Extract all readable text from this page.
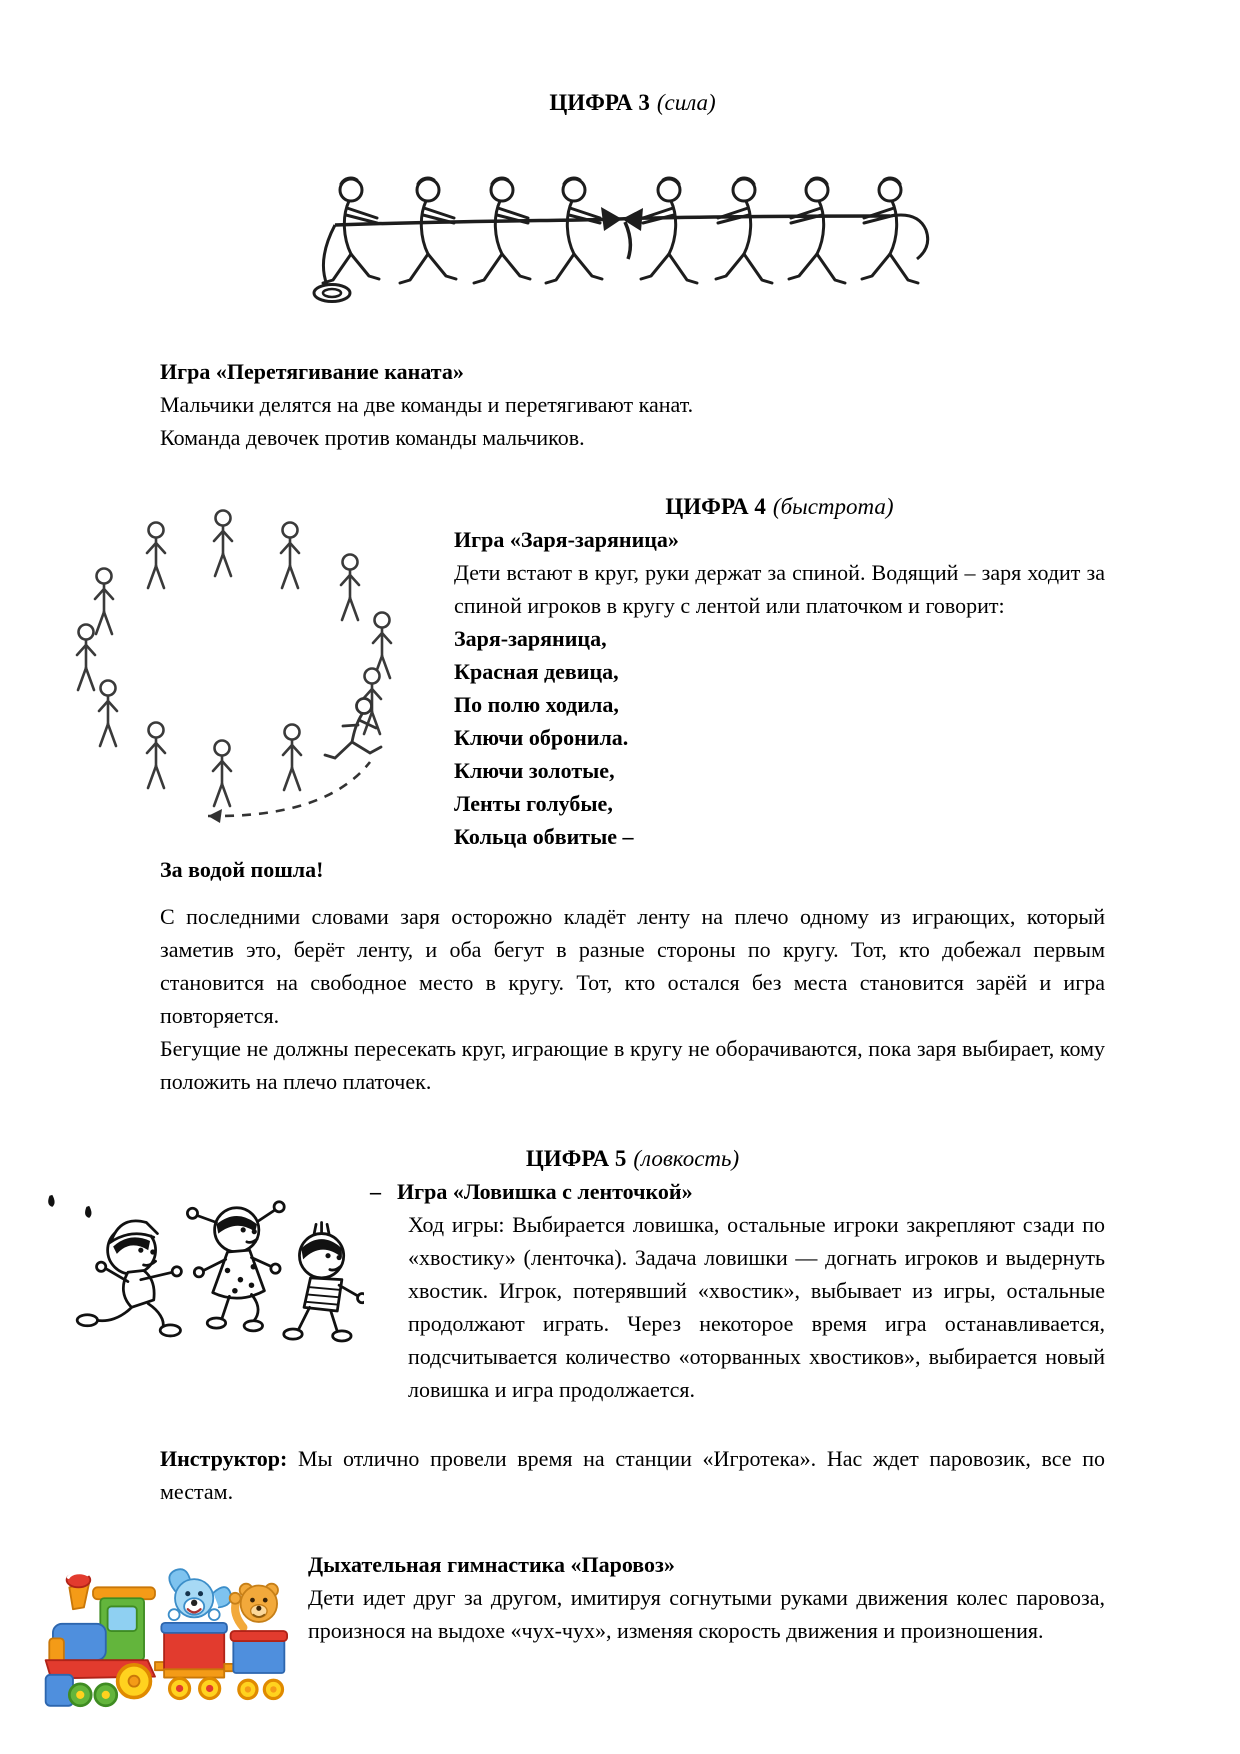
ЦИФРА 3 (сила)

Игра «Перетягивание каната»

Мальчики делятся на две команды и перетягивают канат.

Команда девочек против команды мальчиков.

ЦИФРА 4 (быстрота)

Игра «Заря-заряница»

Дети встают в круг, руки держат за спиной. Водящий – заря ходит за спиной игроков в кругу с лентой или платочком и говорит:

Заря-заряница,

Красная девица,

По полю ходила,

Ключи обронила.

Ключи золотые,

Ленты голубые,

Кольца обвитые –

За водой пошла!

С последними словами заря осторожно кладёт ленту на плечо одному из играющих, который заметив это, берёт ленту, и оба бегут в разные стороны по кругу. Тот, кто добежал первым становится на свободное место в кругу. Тот, кто остался без места становится зарёй и игра повторяется.

Бегущие не должны пересекать круг, играющие в кругу не оборачиваются, пока заря выбирает, кому положить на плечо платочек.

ЦИФРА 5 (ловкость)

– Игра «Ловишка с ленточкой»

Ход игры: Выбирается ловишка, остальные игроки закрепляют сзади по «хвостику» (ленточка). Задача ловишки — догнать игроков и выдернуть хвостик. Игрок, потерявший «хвостик», выбывает из игры, остальные продолжают играть. Через некоторое время игра останавливается, подсчитывается количество «оторванных хвостиков», выбирается новый ловишка и игра продолжается.

Инструктор: Мы отлично провели время на станции «Игротека». Нас ждет паровозик, все по местам.

Дыхательная гимнастика «Паровоз»

Дети идет друг за другом, имитируя согнутыми руками движения колес паровоза, произнося на выдохе «чух-чух», изменяя скорость движения и произношения.
